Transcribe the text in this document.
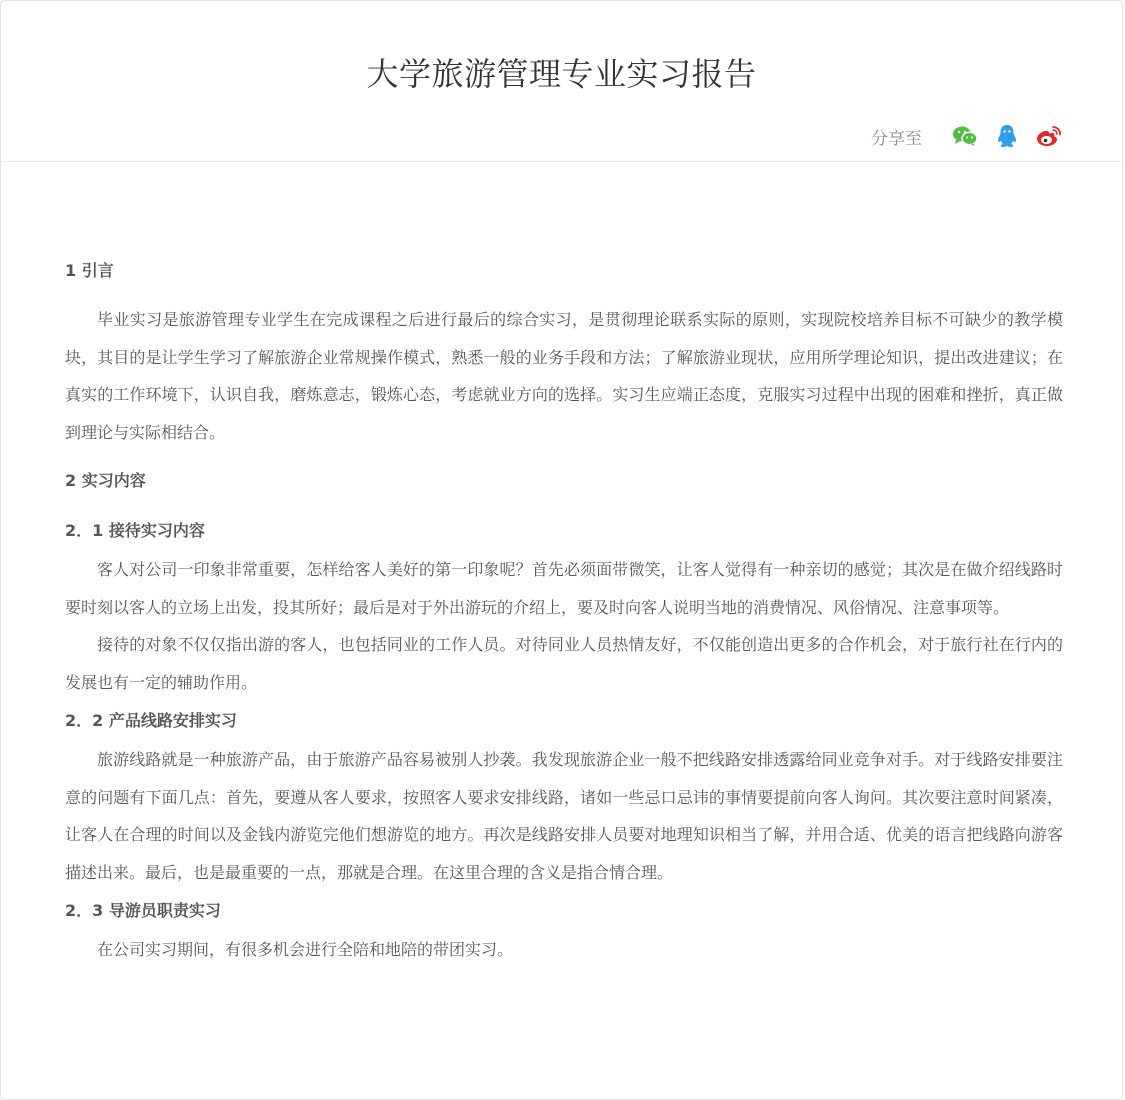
大学旅游管理专业实习报告
分享至
1 引言

毕业实习是旅游管理专业学生在完成课程之后进行最后的综合实习，是贯彻理论联系实际的原则，实现院校培养目标不可缺少的教学模块，其目的是让学生学习了解旅游企业常规操作模式，熟悉一般的业务手段和方法；了解旅游业现状，应用所学理论知识，提出改进建议；在真实的工作环境下，认识自我，磨炼意志，锻炼心态，考虑就业方向的选择。实习生应端正态度，克服实习过程中出现的困难和挫折，真正做到理论与实际相结合。

2 实习内容
2．1 接待实习内容

客人对公司一印象非常重要，怎样给客人美好的第一印象呢？首先必须面带微笑，让客人觉得有一种亲切的感觉；其次是在做介绍线路时要时刻以客人的立场上出发，投其所好；最后是对于外出游玩的介绍上，要及时向客人说明当地的消费情况、风俗情况、注意事项等。

接待的对象不仅仅指出游的客人，也包括同业的工作人员。对待同业人员热情友好，不仅能创造出更多的合作机会，对于旅行社在行内的发展也有一定的辅助作用。

2．2 产品线路安排实习

旅游线路就是一种旅游产品，由于旅游产品容易被别人抄袭。我发现旅游企业一般不把线路安排透露给同业竞争对手。对于线路安排要注意的问题有下面几点：首先，要遵从客人要求，按照客人要求安排线路，诸如一些忌口忌讳的事情要提前向客人询问。其次要注意时间紧凑，让客人在合理的时间以及金钱内游览完他们想游览的地方。再次是线路安排人员要对地理知识相当了解，并用合适、优美的语言把线路向游客描述出来。最后，也是最重要的一点，那就是合理。在这里合理的含义是指合情合理。

2．3 导游员职责实习

在公司实习期间，有很多机会进行全陪和地陪的带团实习。
